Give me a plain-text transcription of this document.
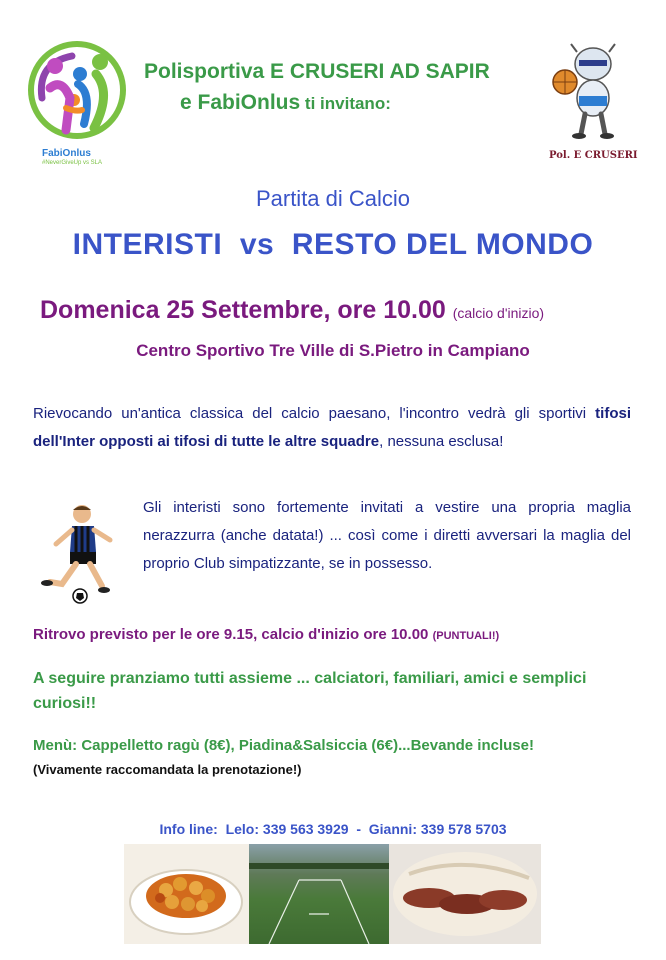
FabiOnlus
#NeverGiveUp vs SLA
Polisportiva E CRUSERI AD SAPIR
e FabiOnlus ti invitano:
Pol. E CRUSERI
Partita di Calcio
INTERISTI  vs  RESTO DEL MONDO
Domenica 25 Settembre, ore 10.00 (calcio d'inizio)
Centro Sportivo Tre Ville di S.Pietro in Campiano
Rievocando un'antica classica del calcio paesano, l'incontro vedrà gli sportivi tifosi dell'Inter opposti ai tifosi di tutte le altre squadre, nessuna esclusa!
Gli interisti sono fortemente invitati a vestire una propria maglia nerazzurra (anche datata!) ... così come i diretti avversari la maglia del proprio Club simpatizzante, se in possesso.
Ritrovo previsto per le ore 9.15, calcio d'inizio ore 10.00 (PUNTUALI!)
A seguire pranziamo tutti assieme ... calciatori, familiari, amici e semplici curiosi!!
Menù: Cappelletto ragù (8€), Piadina&Salsiccia (6€)...Bevande incluse!
(Vivamente raccomandata la prenotazione!)
Info line:  Lelo: 339 563 3929  -  Gianni: 339 578 5703
